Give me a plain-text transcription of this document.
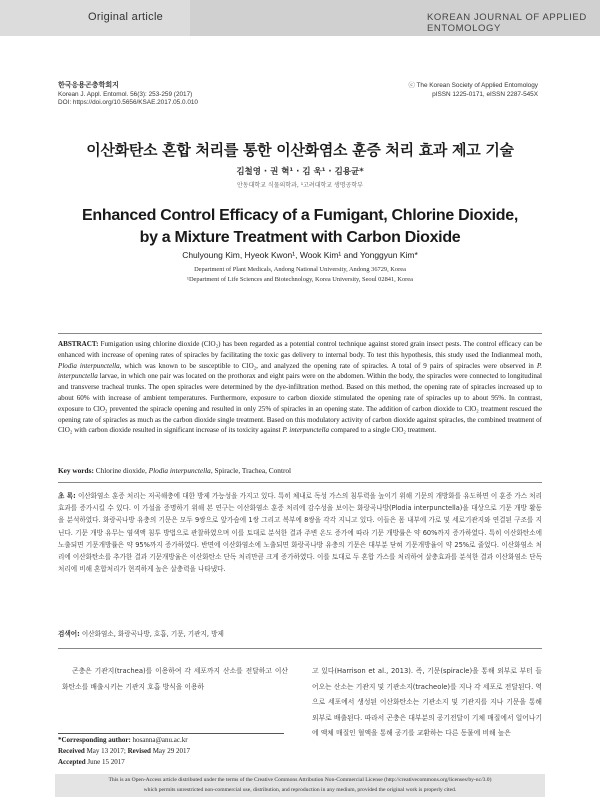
Original article	KOREAN JOURNAL OF APPLIED ENTOMOLOGY
한국응용곤충학회지
Korean J. Appl. Entomol. 56(3): 253-259 (2017)
DOI: https://doi.org/10.5656/KSAE.2017.05.0.010
ⓒ The Korean Society of Applied Entomology
pISSN 1225-0171, eISSN 2287-545X
이산화탄소 혼합 처리를 통한 이산화염소 훈증 처리 효과 제고 기술
김철영 · 권 혁¹ · 김 욱¹ · 김용균*
안동대학교 식물의학과, ¹고려대학교 생명공학부
Enhanced Control Efficacy of a Fumigant, Chlorine Dioxide,
by a Mixture Treatment with Carbon Dioxide
Chulyoung Kim, Hyeok Kwon¹, Wook Kim¹ and Yonggyun Kim*
Department of Plant Medicals, Andong National University, Andong 36729, Korea
¹Department of Life Sciences and Biotechnology, Korea University, Seoul 02841, Korea
ABSTRACT: Fumigation using chlorine dioxide (ClO₂) has been regarded as a potential control technique against stored grain insect pests. The control efficacy can be enhanced with increase of opening rates of spiracles by facilitating the toxic gas delivery to internal body. To test this hypothesis, this study used the Indianmeal moth, Plodia interpunctella, which was known to be susceptible to ClO₂, and analyzed the opening rate of spiracles. A total of 9 pairs of spiracles were observed in P. interpunctella larvae, in which one pair was located on the prothorax and eight pairs were on the abdomen. Within the body, the spiracles were connected to longitudinal and transverse tracheal trunks. The open spiracles were determined by the dye-infiltration method. Based on this method, the opening rate of spiracles increased up to about 60% with increase of ambient temperatures. Furthermore, exposure to carbon dioxide stimulated the opening rate of spiracles up to about 95%. In contrast, exposure to ClO₂ prevented the spiracle opening and resulted in only 25% of spiracles in an opening state. The addition of carbon dioxide to ClO₂ treatment rescued the opening rate of spiracles as much as the carbon dioxide single treatment. Based on this modulatory activity of carbon dioxide against spiracles, the combined treatment of ClO₂ with carbon dioxide resulted in significant increase of its toxicity against P. interpunctella compared to a single ClO₂ treatment.
Key words: Chlorine dioxide, Plodia interpunctella, Spiracle, Trachea, Control
초 록: 이산화염소 훈증 처리는 저곡해충에 대한 방제 가능성을 가지고 있다. 특히 체내로 독성 가스의 침투력을 높이기 위해 기문의 개방화를 유도하면 이 훈증 가스 처리 효과를 증가시킬 수 있다. 이 가설을 증명하기 위해 본 연구는 이산화염소 훈증 처리에 감수성을 보이는 화랑곡나방(Plodia interpunctella)을 대상으로 기문 개방 활동을 분석하였다. 화랑곡나방 유충의 기문은 모두 9쌍으로 앞가슴에 1쌍 그리고 복부에 8쌍을 각각 지니고 있다. 이들은 몸 내부에 가로 및 세로기관지와 연결된 구조를 지닌다. 기문 개방 유무는 염색액 침투 방법으로 관찰하였으며 이를 토대로 분석한 결과 주변 온도 증가에 따라 기문 개방률은 약 60%까지 증가하였다. 특히 이산화탄소에 노출되면 기문개방률은 약 95%까지 증가하였다. 반면에 이산화염소에 노출되면 화랑곡나방 유충의 기문은 대부분 닫혀 기문개방율이 약 25%로 줄었다. 이산화염소 처리에 이산화탄소를 추가한 결과 기문개방율은 이산화탄소 단독 처리만큼 크게 증가하였다. 이를 토대로 두 혼합 가스를 처리하여 살충효과를 분석한 결과 이산화염소 단독 처리에 비해 혼합처리가 현격하게 높은 살충력을 나타냈다.
검색어: 이산화염소, 화랑곡나방, 호흡, 기문, 기관지, 방제
곤충은 기관지(trachea)를 이용하여 각 세포까지 산소를 전달하고 이산화탄소를 배출시키는 기관지 호흡 방식을 이용하
고 있다(Harrison et al., 2013). 즉, 기문(spiracle)을 통해 외부로 부터 들어오는 산소는 기관지 및 기관소지(tracheole)를 지나 각 세포로 전달된다. 역으로 세포에서 생성된 이산화탄소는 기관소지 및 기관지를 지나 기문을 통해 외부로 배출된다. 따라서 곤충은 대부분의 공기전달이 기체 매질에서 일어나기에 액체 매질인 혈액을 통해 공기를 교환하는 다른 동물에 비해 높은
*Corresponding author: hosanna@anu.ac.kr
Received May 13 2017; Revised May 29 2017
Accepted June 15 2017
This is an Open-Access article distributed under the terms of the Creative Commons Attribution Non-Commercial License (http://creativecommons.org/licenses/by-nc/3.0)
which permits unrestricted non-commercial use, distribution, and reproduction in any medium, provided the original work is properly cited.
